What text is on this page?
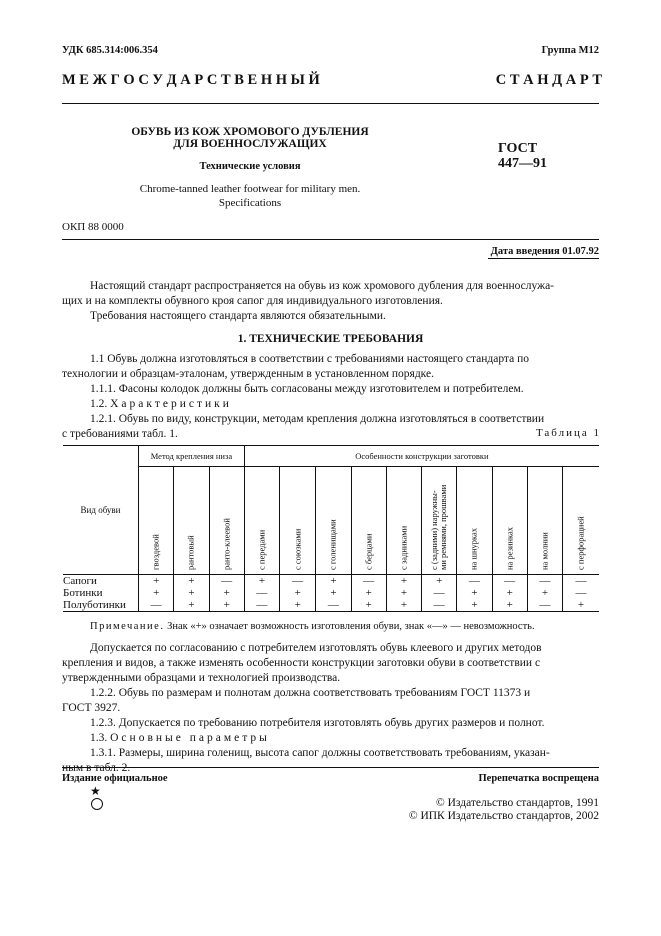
УДК 685.314:006.354	Группа М12
М Е Ж Г О С У Д А Р С Т В Е Н Н Ы Й	С Т А Н Д А Р Т
ОБУВЬ ИЗ КОЖ ХРОМОВОГО ДУБЛЕНИЯ
ДЛЯ ВОЕННОСЛУЖАЩИХ
Технические условия
Chrome-tanned leather footwear for military men.
Specifications
ГОСТ
447—91
ОКП 88 0000
Дата введения 01.07.92
Настоящий стандарт распространяется на обувь из кож хромового дубления для военнослужа-
щих и на комплекты обувного кроя сапог для индивидуального изготовления.
Требования настоящего стандарта являются обязательными.
1. ТЕХНИЧЕСКИЕ ТРЕБОВАНИЯ
1.1 Обувь должна изготовляться в соответствии с требованиями настоящего стандарта по
технологии и образцам-эталонам, утвержденным в установленном порядке.
1.1.1. Фасоны колодок должны быть согласованы между изготовителем и потребителем.
1.2. Характеристики
1.2.1. Обувь по виду, конструкции, методам крепления должна изготовляться в соответствии
с требованиями табл. 1.	Таблица 1
Вид обуви	Метод крепления низа			Особенности конструкции заготовки									

	гвоздевой	рантовый	ранто-клеевой	с передами	с союзками	с голенищами	с берцами	с задниками	с (задними) наружны-
ми ремнями, прошвами	на шнурках	на резинках	на молнии	с перфорацией

Сапоги	+	+	—	+	—	+	—	+	+	—	—	—	—
Ботинки	+	+	+	—	+	+	+	+	—	+	+	+	—
Полуботинки	—	+	+	—	+	—	+	+	—	+	+	—	+
Примечание. Знак «+» означает возможность изготовления обуви, знак «—» — невозможность.
Допускается по согласованию с потребителем изготовлять обувь клеевого и других методов
крепления и видов, а также изменять особенности конструкции заготовки обуви в соответствии с
утвержденными образцами и технологией производства.
1.2.2. Обувь по размерам и полнотам должна соответствовать требованиям ГОСТ 11373 и
ГОСТ 3927.
1.2.3. Допускается по требованию потребителя изготовлять обувь других размеров и полнот.
1.3. Основные параметры
1.3.1. Размеры, ширина голенищ, высота сапог должны соответствовать требованиям, указан-
ным в табл. 2.
Издание официальное	Перепечатка воспрещена
★
© Издательство стандартов, 1991
© ИПК Издательство стандартов, 2002
